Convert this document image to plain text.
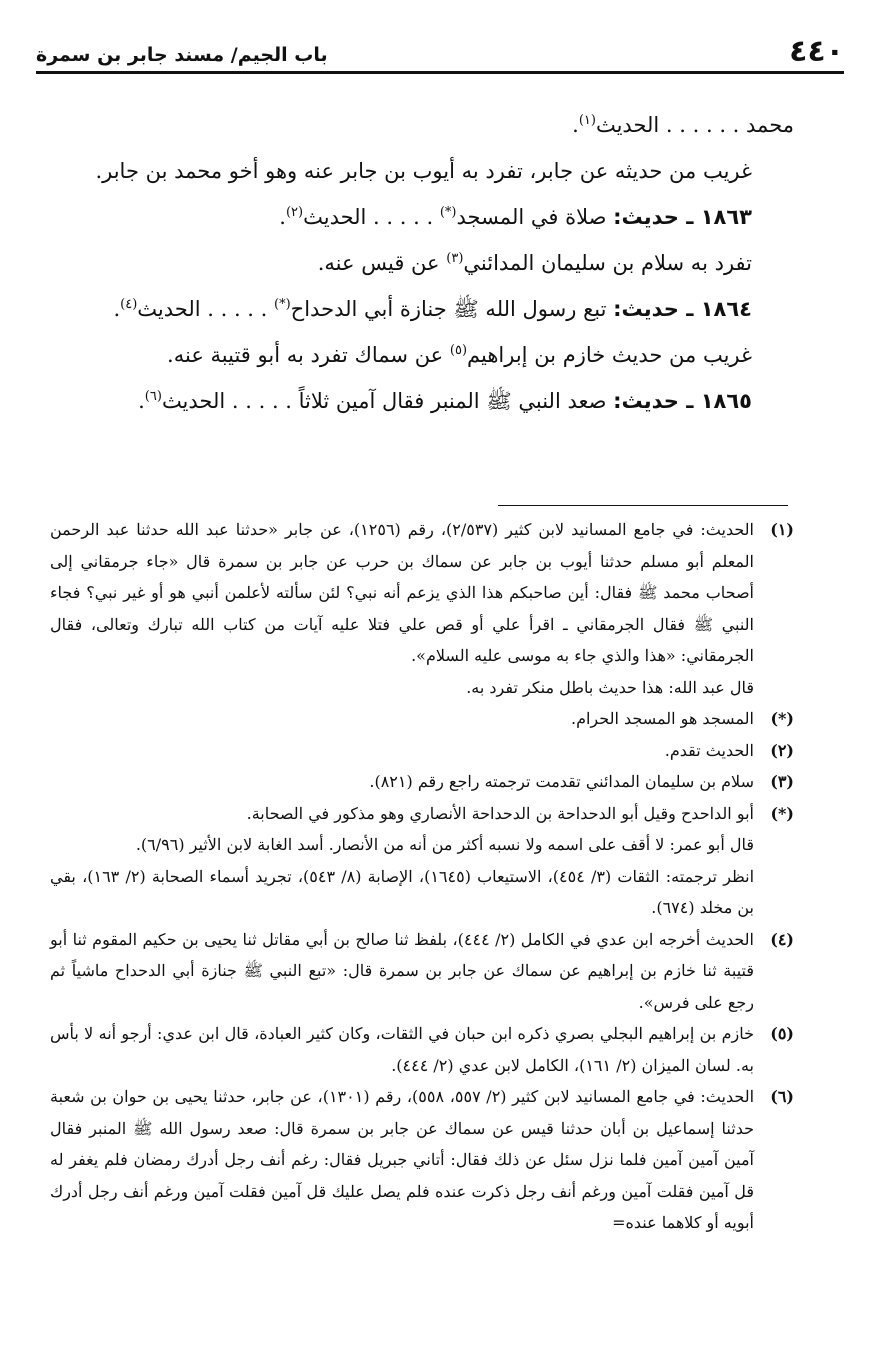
٤٤٠
باب الجيم/ مسند جابر بن سمرة

محمد . . . . . . الحديث$^{(١)}$.

غريب من حديثه عن جابر، تفرد به أيوب بن جابر عنه وهو أخو محمد بن جابر.

١٨٦٣ ـ حديث: صلاة في المسجد(*) . . . . . الحديث$^{(٢)}$.

تفرد به سلام بن سليمان المدائني$^{(٣)}$ عن قيس عنه.

١٨٦٤ ـ حديث: تبع رسول الله ﷺ جنازة أبي الدحداح(*) . . . . . الحديث$^{(٤)}$.

غريب من حديث خازم بن إبراهيم$^{(٥)}$ عن سماك تفرد به أبو قتيبة عنه.

١٨٦٥ ـ حديث: صعد النبي ﷺ المنبر فقال آمين ثلاثاً . . . . . الحديث$^{(٦)}$.

(١)
الحديث: في جامع المسانيد لابن كثير (٢/٥٣٧)، رقم (١٢٥٦)، عن جابر «حدثنا عبد الله حدثنا عبد الرحمن المعلم أبو مسلم حدثنا أيوب بن جابر عن سماك بن حرب عن جابر بن سمرة قال «جاء جرمقاني إلى أصحاب محمد ﷺ فقال: أين صاحبكم هذا الذي يزعم أنه نبي؟ لئن سألته لأعلمن أنبي هو أو غير نبي؟ فجاء النبي ﷺ فقال الجرمقاني ـ اقرأ علي أو قص علي فتلا عليه آيات من كتاب الله تبارك وتعالى، فقال الجرمقاني: «هذا والذي جاء به موسى عليه السلام».

قال عبد الله: هذا حديث باطل منكر تفرد به.

(*)
المسجد هو المسجد الحرام.

(٢)
الحديث تقدم.

(٣)
سلام بن سليمان المدائني تقدمت ترجمته راجع رقم (٨٢١).

(*)
أبو الداحدح وقيل أبو الدحداحة بن الدحداحة الأنصاري وهو مذكور في الصحابة.

قال أبو عمر: لا أقف على اسمه ولا نسبه أكثر من أنه من الأنصار. أسد الغابة لابن الأثير (٦/٩٦).

انظر ترجمته: الثقات (٣/ ٤٥٤)، الاستيعاب (١٦٤٥)، الإصابة (٨/ ٥٤٣)، تجريد أسماء الصحابة (٢/ ١٦٣)، بقي بن مخلد (٦٧٤).

(٤)
الحديث أخرجه ابن عدي في الكامل (٢/ ٤٤٤)، بلفظ ثنا صالح بن أبي مقاتل ثنا يحيى بن حكيم المقوم ثنا أبو قتيبة ثنا خازم بن إبراهيم عن سماك عن جابر بن سمرة قال: «تبع النبي ﷺ جنازة أبي الدحداح ماشياً ثم رجع على فرس».

(٥)
خازم بن إبراهيم البجلي بصري ذكره ابن حبان في الثقات، وكان كثير العبادة، قال ابن عدي: أرجو أنه لا بأس به. لسان الميزان (٢/ ١٦١)، الكامل لابن عدي (٢/ ٤٤٤).

(٦)
الحديث: في جامع المسانيد لابن كثير (٢/ ٥٥٧، ٥٥٨)، رقم (١٣٠١)، عن جابر، حدثنا يحيى بن حوان بن شعبة حدثنا إسماعيل بن أبان حدثنا قيس عن سماك عن جابر بن سمرة قال: صعد رسول الله ﷺ المنبر فقال آمين آمين آمين فلما نزل سئل عن ذلك فقال: أتاني جبريل فقال: رغم أنف رجل أدرك رمضان فلم يغفر له قل آمين فقلت آمين ورغم أنف رجل ذكرت عنده فلم يصل عليك قل آمين فقلت آمين ورغم أنف رجل أدرك أبويه أو كلاهما عنده=
